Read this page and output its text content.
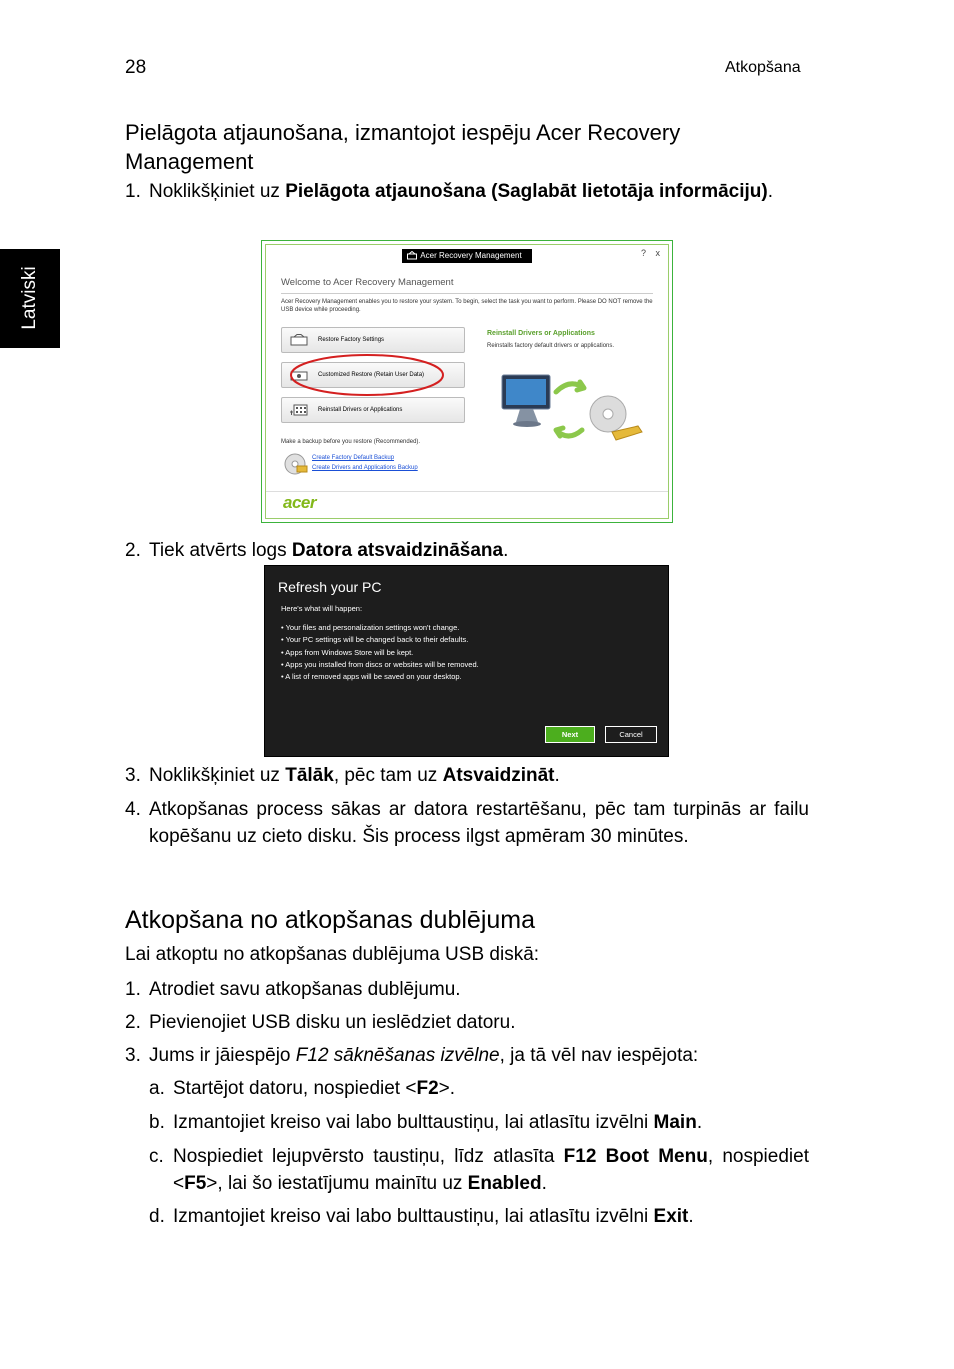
28	Atkopšana
Latviski
Pielāgota atjaunošana, izmantojot iespēju Acer Recovery Management
1. Noklikšķiniet uz Pielāgota atjaunošana (Saglabāt lietotāja informāciju).
Acer Recovery Management	? x
Welcome to Acer Recovery Management
Acer Recovery Management enables you to restore your system. To begin, select the task you want to perform. Please DO NOT remove the USB device while proceeding.
Restore Factory Settings
Customized Restore (Retain User Data)
Reinstall Drivers or Applications
Reinstall Drivers or Applications
Reinstalls factory default drivers or applications.
Make a backup before you restore (Recommended).
Create Factory Default Backup
Create Drivers and Applications Backup
acer
2. Tiek atvērts logs Datora atsvaidzināšana.
Refresh your PC
Here's what will happen:
• Your files and personalization settings won't change.
• Your PC settings will be changed back to their defaults.
• Apps from Windows Store will be kept.
• Apps you installed from discs or websites will be removed.
• A list of removed apps will be saved on your desktop.
Next	Cancel
3. Noklikšķiniet uz Tālāk, pēc tam uz Atsvaidzināt.
4. Atkopšanas process sākas ar datora restartēšanu, pēc tam turpinās ar failu kopēšanu uz cieto disku. Šis process ilgst apmēram 30 minūtes.
Atkopšana no atkopšanas dublējuma
Lai atkoptu no atkopšanas dublējuma USB diskā:
1. Atrodiet savu atkopšanas dublējumu.
2. Pievienojiet USB disku un ieslēdziet datoru.
3. Jums ir jāiespējo F12 sāknēšanas izvēlne, ja tā vēl nav iespējota:
a. Startējot datoru, nospiediet <F2>.
b. Izmantojiet kreiso vai labo bulttaustiņu, lai atlasītu izvēlni Main.
c. Nospiediet lejupvērsto taustiņu, līdz atlasīta F12 Boot Menu, nospiediet <F5>, lai šo iestatījumu mainītu uz Enabled.
d. Izmantojiet kreiso vai labo bulttaustiņu, lai atlasītu izvēlni Exit.
